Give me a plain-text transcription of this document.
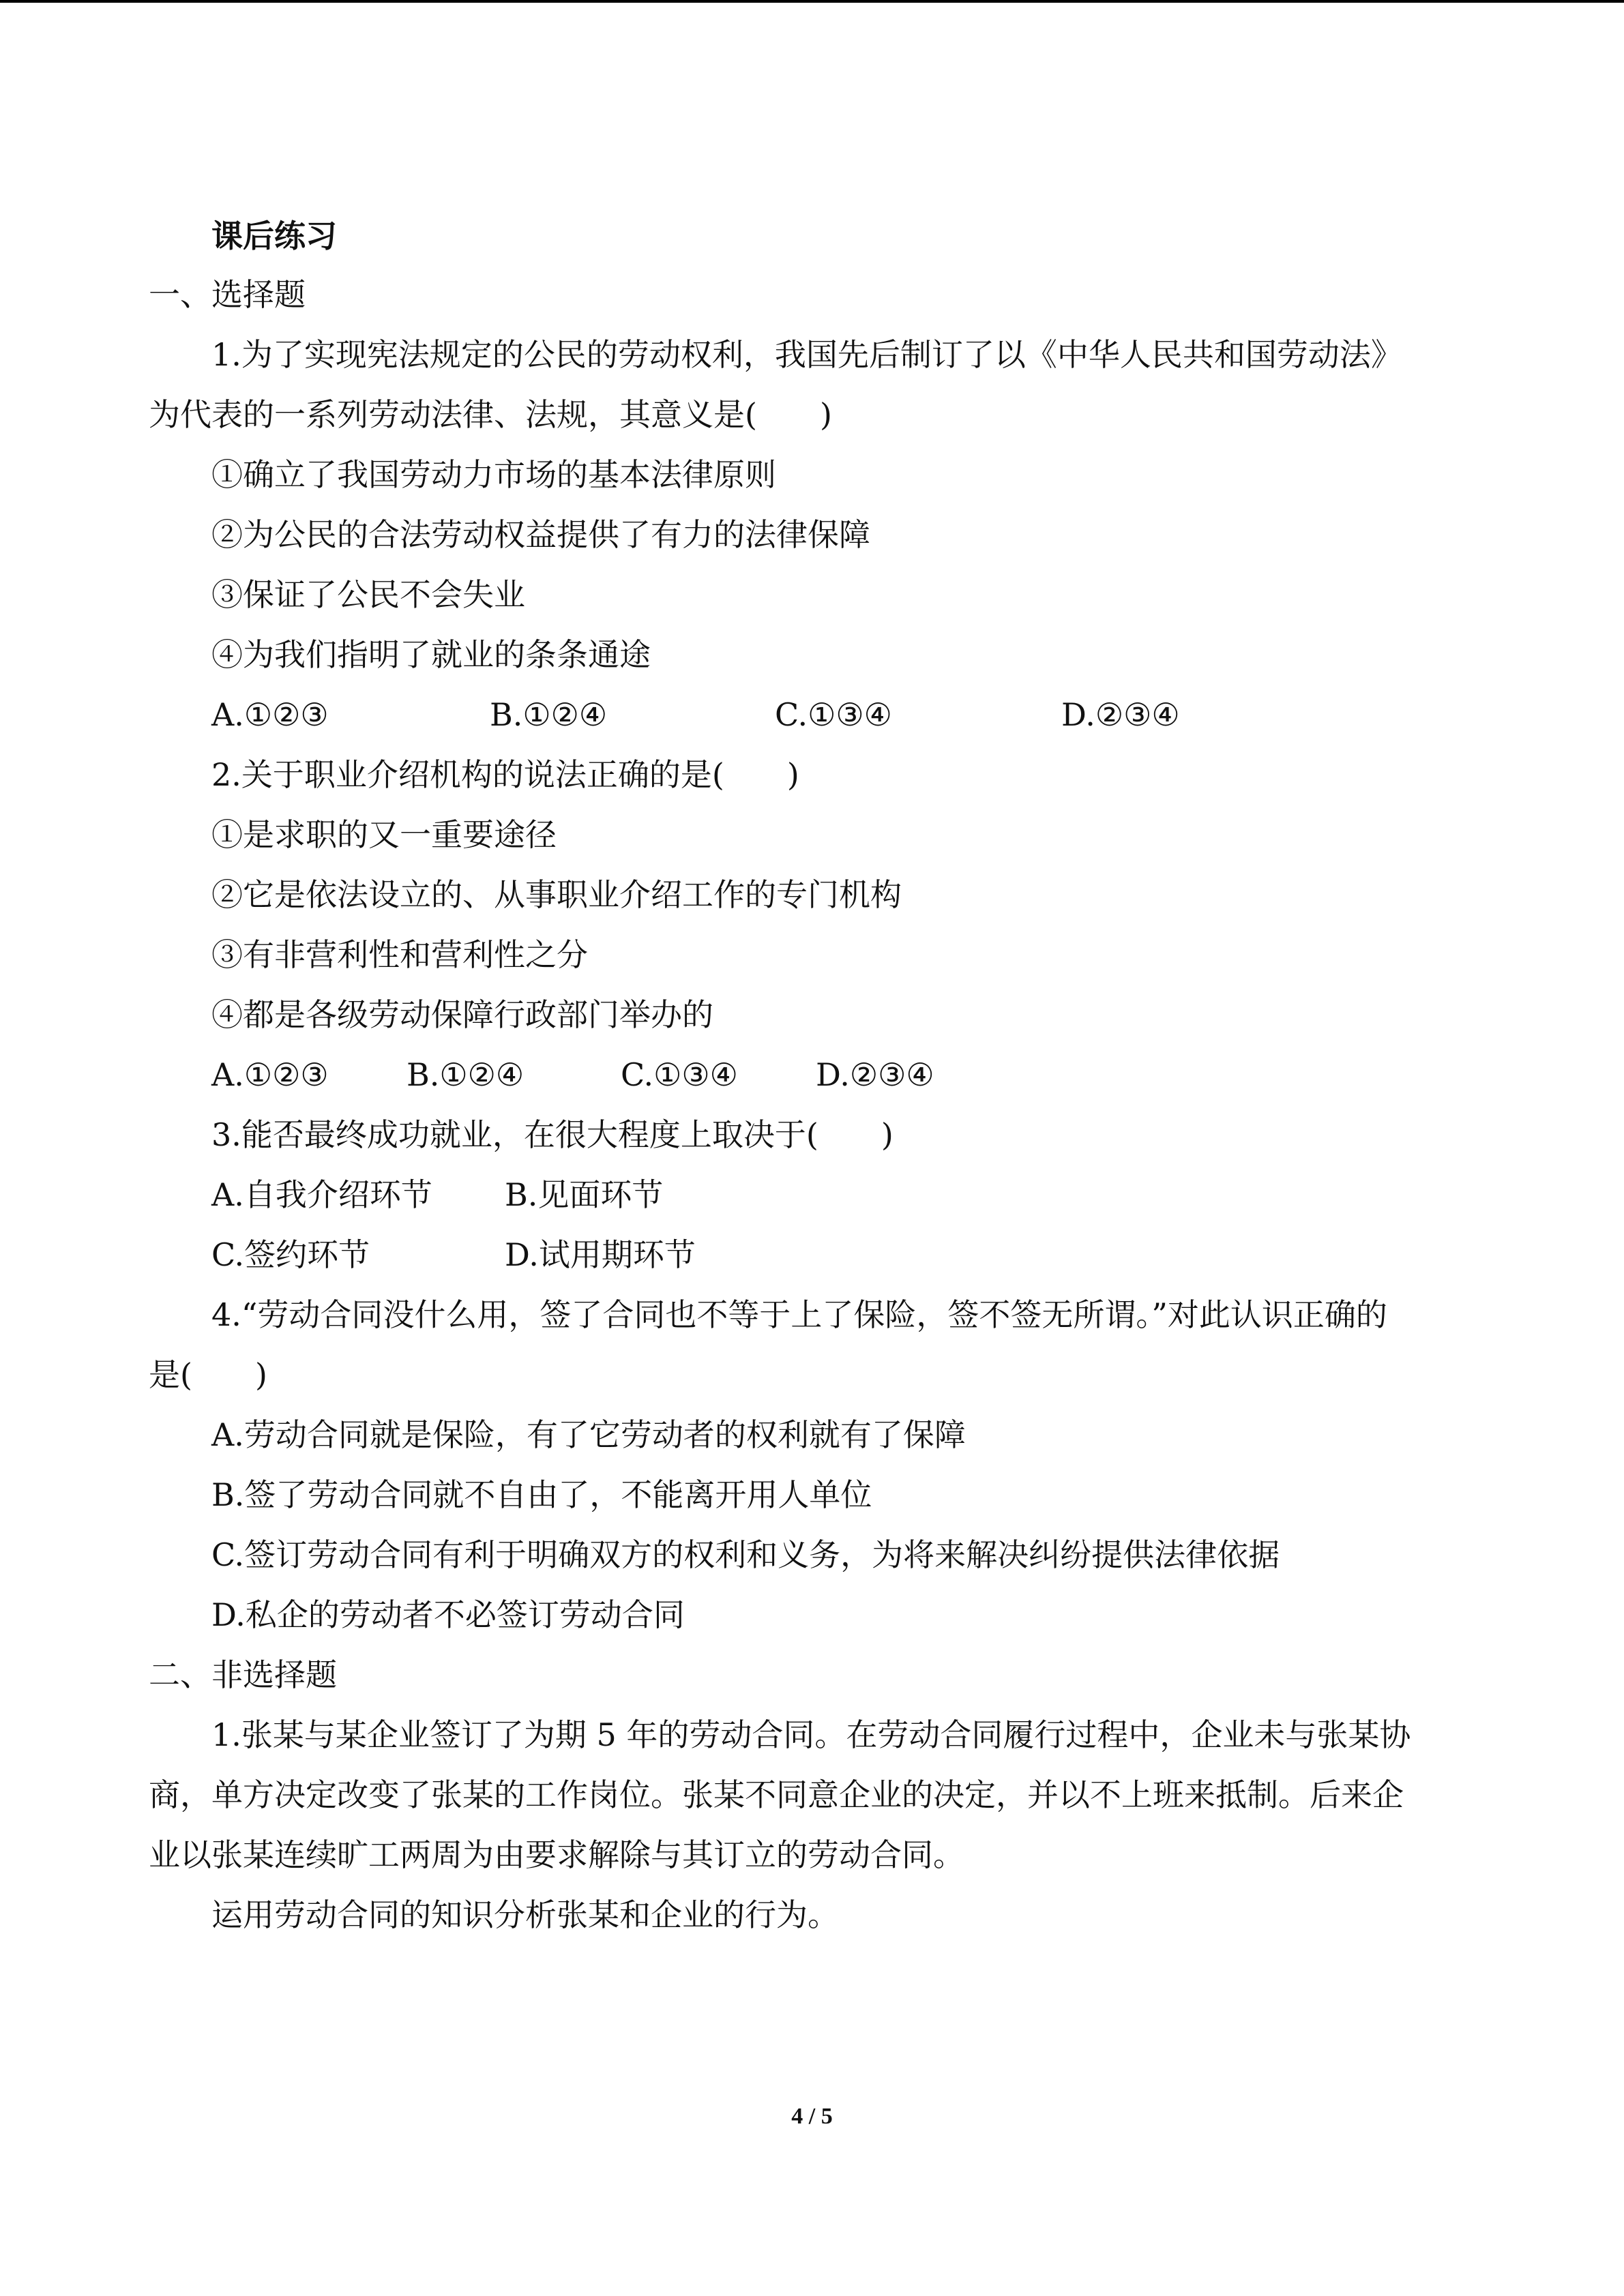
课后练习
一、选择题
1.为了实现宪法规定的公民的劳动权利，我国先后制订了以《中华人民共和国劳动法》
为代表的一系列劳动法律、法规，其意义是(　　)
①确立了我国劳动力市场的基本法律原则
②为公民的合法劳动权益提供了有力的法律保障
③保证了公民不会失业
④为我们指明了就业的条条通途
A.①②③	B.①②④	C.①③④	D.②③④
2.关于职业介绍机构的说法正确的是(　　)
①是求职的又一重要途径
②它是依法设立的、从事职业介绍工作的专门机构
③有非营利性和营利性之分
④都是各级劳动保障行政部门举办的
A.①②③ B.①②④	C.①③④ D.②③④
3.能否最终成功就业，在很大程度上取决于(　　)
A.自我介绍环节 B.见面环节
C.签约环节	D.试用期环节
4.“劳动合同没什么用，签了合同也不等于上了保险，签不签无所谓。”对此认识正确的
是(　　)
A.劳动合同就是保险，有了它劳动者的权利就有了保障
B.签了劳动合同就不自由了，不能离开用人单位
C.签订劳动合同有利于明确双方的权利和义务，为将来解决纠纷提供法律依据
D.私企的劳动者不必签订劳动合同
二、非选择题
1.张某与某企业签订了为期 5 年的劳动合同。在劳动合同履行过程中，企业未与张某协
商，单方决定改变了张某的工作岗位。张某不同意企业的决定，并以不上班来抵制。后来企
业以张某连续旷工两周为由要求解除与其订立的劳动合同。
运用劳动合同的知识分析张某和企业的行为。
4 / 5
